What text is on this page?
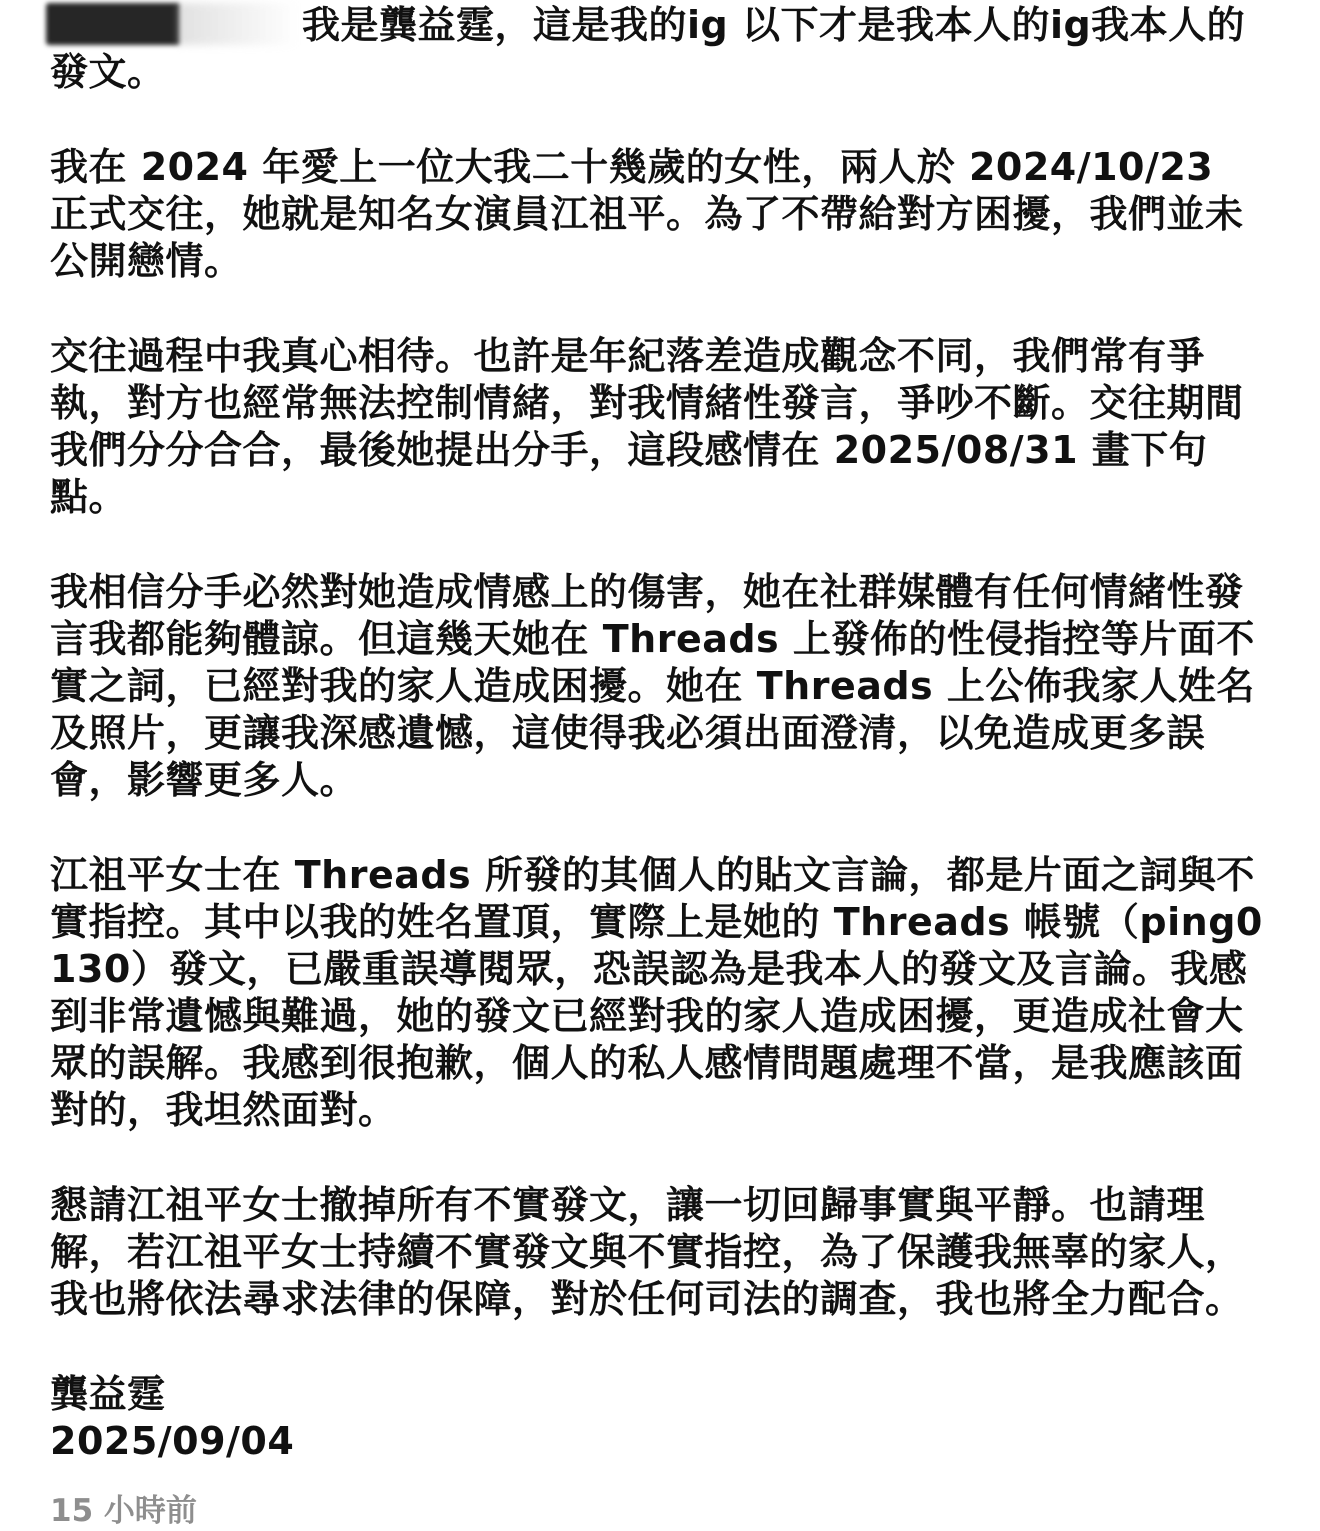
我是龔益霆，這是我的ig 以下才是我本人的ig我本人的
發文。
我在 2024 年愛上一位大我二十幾歲的女性，兩人於 2024/10/23 正式交往，她就是知名女演員江祖平。為了不帶給對方困擾，我們並未公開戀情。
交往過程中我真心相待。也許是年紀落差造成觀念不同，我們常有爭執，對方也經常無法控制情緒，對我情緒性發言，爭吵不斷。交往期間我們分分合合，最後她提出分手，這段感情在 2025/08/31 畫下句點。
我相信分手必然對她造成情感上的傷害，她在社群媒體有任何情緒性發言我都能夠體諒。但這幾天她在 Threads 上發佈的性侵指控等片面不實之詞，已經對我的家人造成困擾。她在 Threads 上公佈我家人姓名及照片，更讓我深感遺憾，這使得我必須出面澄清，以免造成更多誤會，影響更多人。
江祖平女士在 Threads 所發的其個人的貼文言論，都是片面之詞與不實指控。其中以我的姓名置頂，實際上是她的 Threads 帳號（ping0130）發文，已嚴重誤導閱眾，恐誤認為是我本人的發文及言論。我感到非常遺憾與難過，她的發文已經對我的家人造成困擾，更造成社會大眾的誤解。我感到很抱歉，個人的私人感情問題處理不當，是我應該面對的，我坦然面對。
懇請江祖平女士撤掉所有不實發文，讓一切回歸事實與平靜。也請理解，若江祖平女士持續不實發文與不實指控，為了保護我無辜的家人，我也將依法尋求法律的保障，對於任何司法的調查，我也將全力配合。
龔益霆
2025/09/04
15 小時前
